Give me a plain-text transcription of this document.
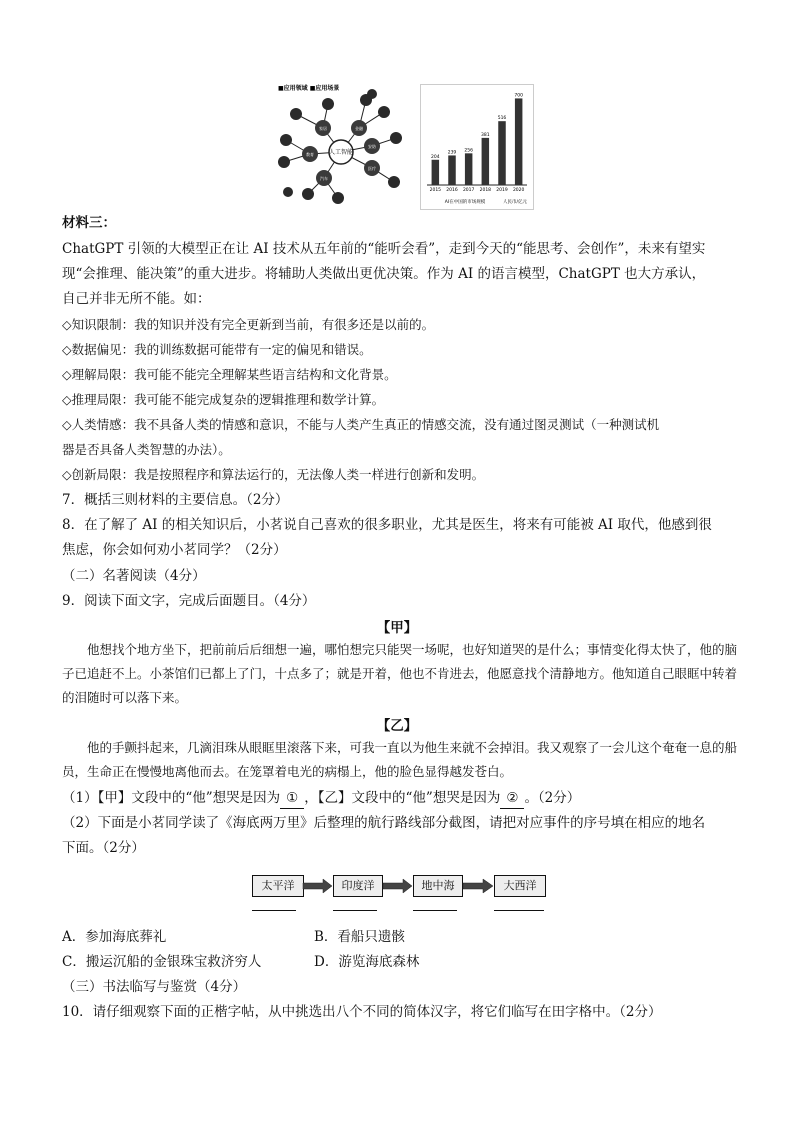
■应用领域 ■应用场景
人工智能
家居	金融
安防
医疗
汽车
教育
204
2015
239
2016
256
2017
381
2018
516
2019
700
2020
AI在中国的市场规模	人民币/亿元
材料三：
ChatGPT 引领的大模型正在让 AI 技术从五年前的“能听会看”，走到今天的“能思考、会创作”，未来有望实
现“会推理、能决策”的重大进步。将辅助人类做出更优决策。作为 AI 的语言模型，ChatGPT 也大方承认，
自己并非无所不能。如：
◇知识限制：我的知识并没有完全更新到当前，有很多还是以前的。
◇数据偏见：我的训练数据可能带有一定的偏见和错误。
◇理解局限：我可能不能完全理解某些语言结构和文化背景。
◇推理局限：我可能不能完成复杂的逻辑推理和数学计算。
◇人类情感：我不具备人类的情感和意识，不能与人类产生真正的情感交流，没有通过图灵测试（一种测试机
器是否具备人类智慧的办法）。
◇创新局限：我是按照程序和算法运行的，无法像人类一样进行创新和发明。
7．概括三则材料的主要信息。（2分）
8．在了解了 AI 的相关知识后，小茗说自己喜欢的很多职业，尤其是医生，将来有可能被 AI 取代，他感到很
焦虑，你会如何劝小茗同学？（2分）
（二）名著阅读（4分）
9．阅读下面文字，完成后面题目。（4分）
【甲】
他想找个地方坐下，把前前后后细想一遍，哪怕想完只能哭一场呢，也好知道哭的是什么；事情变化得太快了，他的脑子已追赶不上。小茶馆们已都上了门，十点多了；就是开着，他也不肯进去，他愿意找个清静地方。他知道自己眼眶中转着的泪随时可以落下来。
【乙】
他的手颤抖起来，几滴泪珠从眼眶里滚落下来，可我一直以为他生来就不会掉泪。我又观察了一会儿这个奄奄一息的船员，生命正在慢慢地离他而去。在笼罩着电光的病榻上，他的脸色显得越发苍白。
（1）【甲】文段中的“他”想哭是因为 ① ，【乙】文段中的“他”想哭是因为 ② 。（2分）
（2）下面是小茗同学读了《海底两万里》后整理的航行路线部分截图，请把对应事件的序号填在相应的地名
下面。（2分）
太平洋	印度洋	地中海	大西洋
A．参加海底葬礼	B．看船只遗骸
C．搬运沉船的金银珠宝救济穷人	D．游览海底森林
（三）书法临写与鉴赏（4分）
10．请仔细观察下面的正楷字帖，从中挑选出八个不同的简体汉字，将它们临写在田字格中。（2分）
